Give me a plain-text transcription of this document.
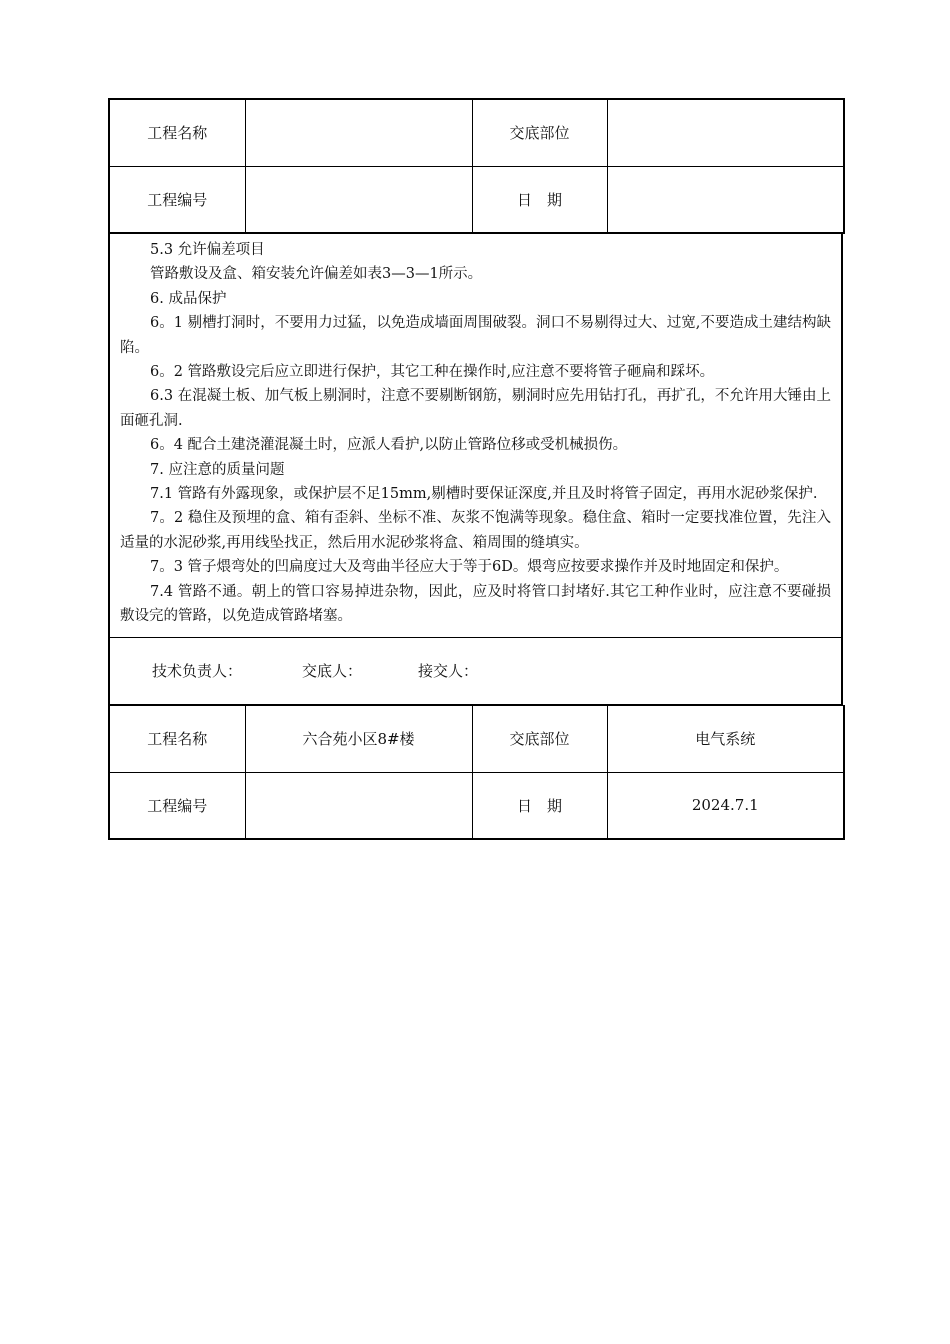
工程名称		交底部位	
工程编号		日　期	

5.3 允许偏差项目

管路敷设及盒、箱安装允许偏差如表3—3—1所示。

6. 成品保护

6。1 剔槽打洞时，不要用力过猛，以免造成墙面周围破裂。洞口不易剔得过大、过宽,不要造成土建结构缺陷。

6。2 管路敷设完后应立即进行保护，其它工种在操作时,应注意不要将管子砸扁和踩坏。

6.3 在混凝土板、加气板上剔洞时，注意不要剔断钢筋，剔洞时应先用钻打孔，再扩孔，不允许用大锤由上面砸孔洞.

6。4 配合土建浇灌混凝土时，应派人看护,以防止管路位移或受机械损伤。

7. 应注意的质量问题

7.1 管路有外露现象，或保护层不足15mm,剔槽时要保证深度,并且及时将管子固定，再用水泥砂浆保护.

7。2 稳住及预埋的盒、箱有歪斜、坐标不准、灰浆不饱满等现象。稳住盒、箱时一定要找准位置，先注入适量的水泥砂浆,再用线坠找正，然后用水泥砂浆将盒、箱周围的缝填实。

7。3 管子煨弯处的凹扁度过大及弯曲半径应大于等于6D。煨弯应按要求操作并及时地固定和保护。

7.4 管路不通。朝上的管口容易掉进杂物，因此，应及时将管口封堵好.其它工种作业时，应注意不要碰损敷设完的管路，以免造成管路堵塞。

技术负责人：	交底人：	接交人：
工程名称	六合苑小区8#楼	交底部位	电气系统
工程编号		日　期	2024.7.1
